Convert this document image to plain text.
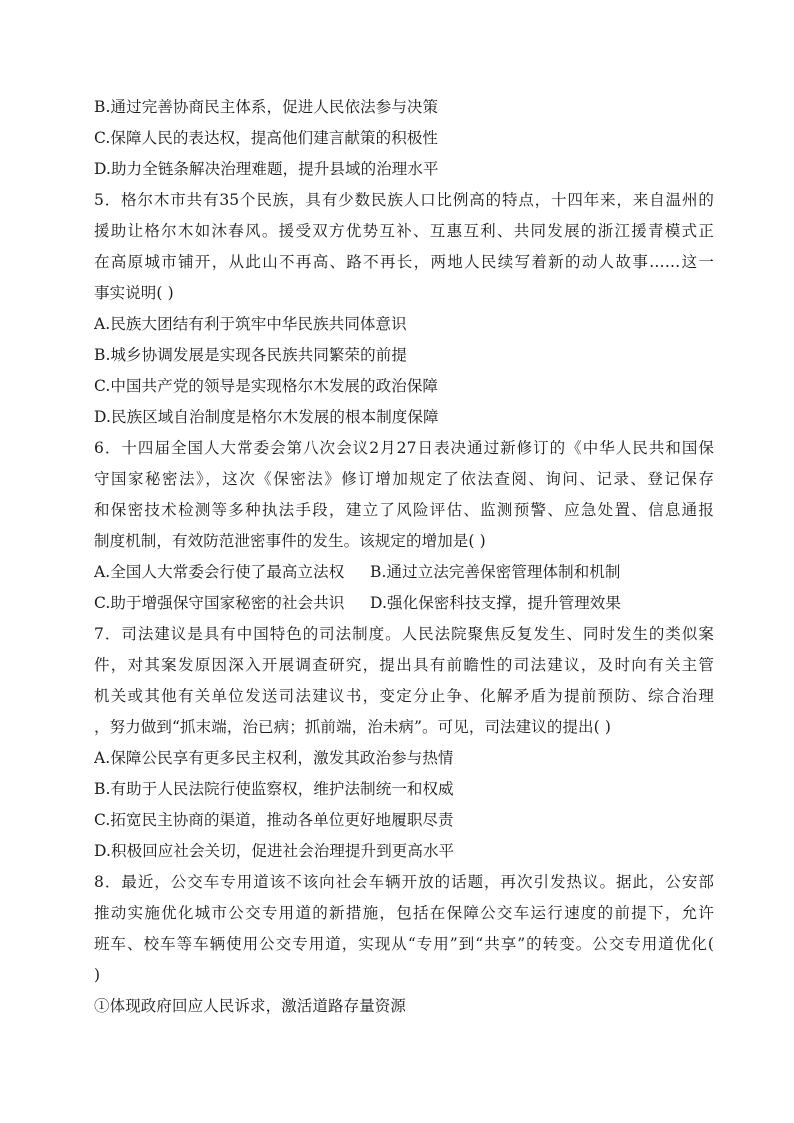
B.通过完善协商民主体系，促进人民依法参与决策
C.保障人民的表达权，提高他们建言献策的积极性
D.助力全链条解决治理难题，提升县域的治理水平
5．格尔木市共有35个民族，具有少数民族人口比例高的特点，十四年来，来自温州的
援助让格尔木如沐春风。援受双方优势互补、互惠互利、共同发展的浙江援青模式正
在高原城市铺开，从此山不再高、路不再长，两地人民续写着新的动人故事……这一
事实说明( )
A.民族大团结有利于筑牢中华民族共同体意识
B.城乡协调发展是实现各民族共同繁荣的前提
C.中国共产党的领导是实现格尔木发展的政治保障
D.民族区域自治制度是格尔木发展的根本制度保障
6．十四届全国人大常委会第八次会议2月27日表决通过新修订的《中华人民共和国保
守国家秘密法》，这次《保密法》修订增加规定了依法查阅、询问、记录、登记保存
和保密技术检测等多种执法手段，建立了风险评估、监测预警、应急处置、信息通报
制度机制，有效防范泄密事件的发生。该规定的增加是( )
A.全国人大常委会行使了最高立法权	B.通过立法完善保密管理体制和机制
C.助于增强保守国家秘密的社会共识	D.强化保密科技支撑，提升管理效果
7．司法建议是具有中国特色的司法制度。人民法院聚焦反复发生、同时发生的类似案
件，对其案发原因深入开展调查研究，提出具有前瞻性的司法建议，及时向有关主管
机关或其他有关单位发送司法建议书，变定分止争、化解矛盾为提前预防、综合治理
，努力做到“抓末端，治已病；抓前端，治未病”。可见，司法建议的提出( )
A.保障公民享有更多民主权利，激发其政治参与热情
B.有助于人民法院行使监察权，维护法制统一和权威
C.拓宽民主协商的渠道，推动各单位更好地履职尽责
D.积极回应社会关切，促进社会治理提升到更高水平
8．最近，公交车专用道该不该向社会车辆开放的话题，再次引发热议。据此，公安部
推动实施优化城市公交专用道的新措施，包括在保障公交车运行速度的前提下，允许
班车、校车等车辆使用公交专用道，实现从“专用”到“共享”的转变。公交专用道优化(
)
①体现政府回应人民诉求，激活道路存量资源
